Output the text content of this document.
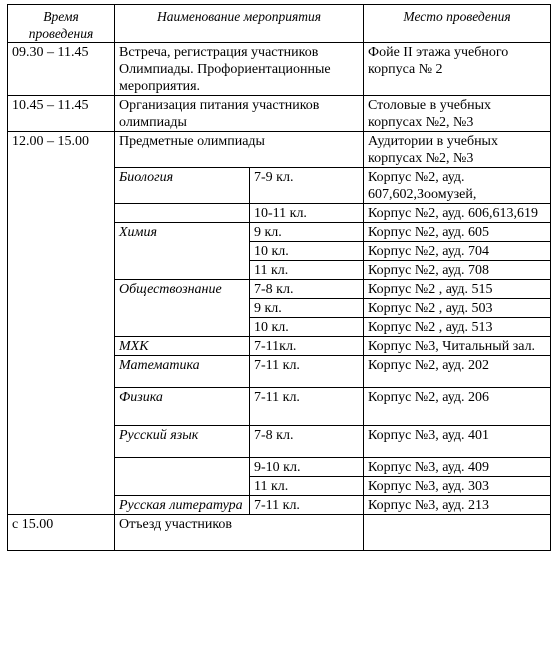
Время проведения	Наименование мероприятия		Место проведения
09.30 – 11.45	Встреча, регистрация участников Олимпиады. Профориентационные мероприятия.		Фойе II этажа учебного корпуса № 2
10.45 – 11.45	Организация питания участников олимпиады		Столовые в учебных корпусах №2, №3
12.00 – 15.00	Предметные олимпиады		Аудитории в учебных корпусах №2, №3
	Биология	7-9 кл.	Корпус №2, ауд. 607,602,Зоомузей,
		10-11 кл.	Корпус №2, ауд. 606,613,619
	Химия	9 кл.	Корпус №2, ауд. 605
		10 кл.	Корпус №2, ауд. 704
		11 кл.	Корпус №2, ауд. 708
	Обществознание	7-8 кл.	Корпус №2 , ауд. 515
		9 кл.	Корпус №2 , ауд. 503
		10 кл.	Корпус №2 , ауд. 513
	МХК	7-11кл.	Корпус №3, Читальный зал.
	Математика	7-11 кл.	Корпус №2, ауд. 202
	Физика	7-11 кл.	Корпус №2, ауд. 206
	Русский язык	7-8 кл.	Корпус №3, ауд. 401
		9-10 кл.	Корпус №3, ауд. 409
		11 кл.	Корпус №3, ауд. 303
	Русская литература	7-11 кл.	Корпус №3, ауд. 213
с 15.00	Отъезд участников		
